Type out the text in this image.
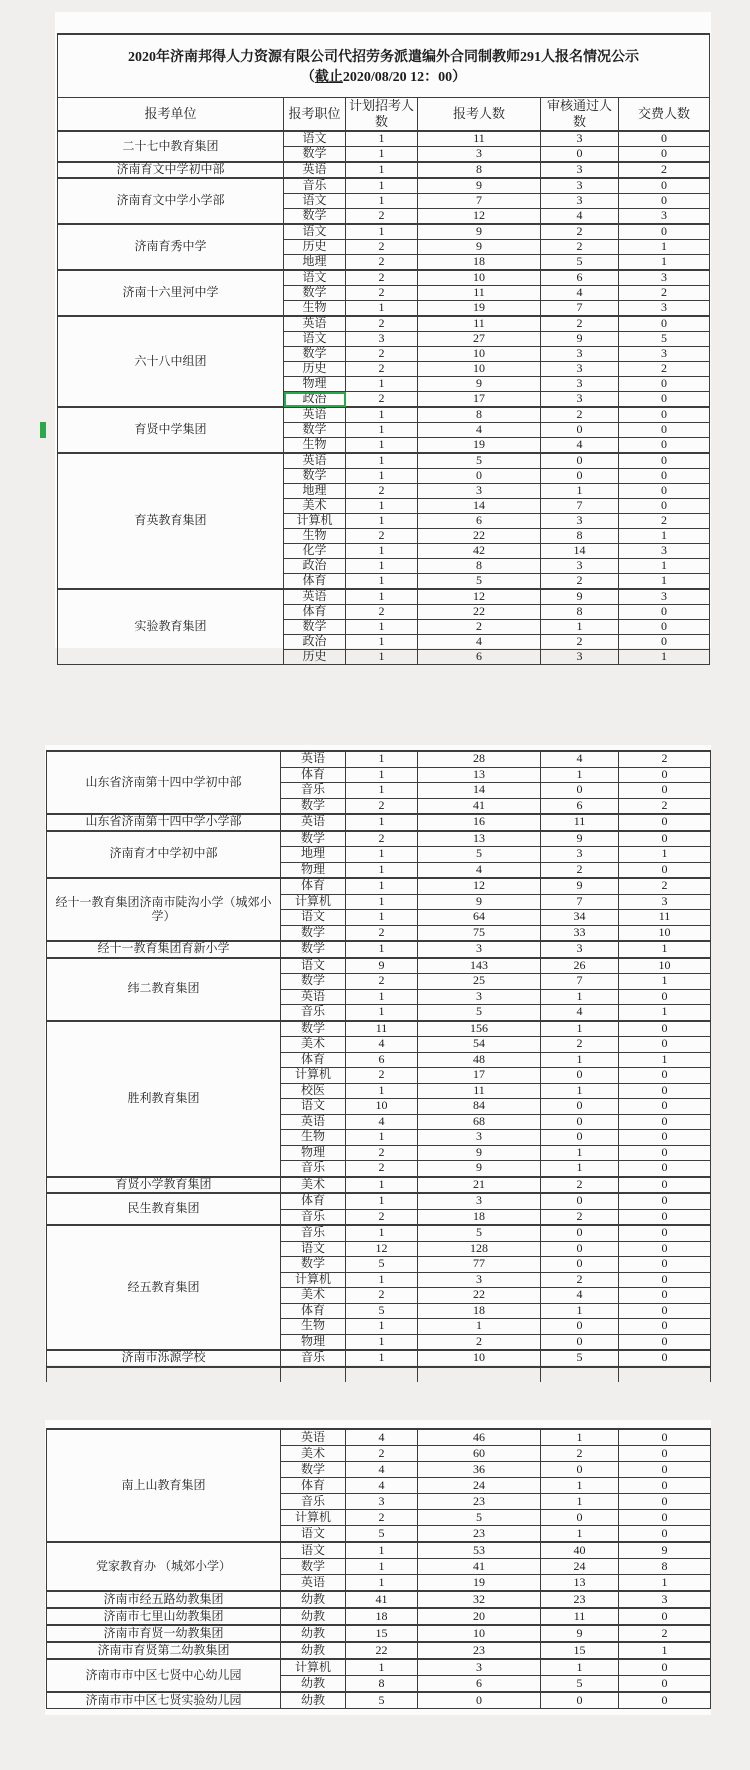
2020年济南邦得人力资源有限公司代招劳务派遣编外合同制教师291人报名情况公示
（截止2020/08/20 12：00）					

报考单位	报考职位	计划招考人数	报考人数	审核通过人数	交费人数
二十七中教育集团	语文	1	11	3	0
	数学	1	3	0	0
济南育文中学初中部	英语	1	8	3	2
济南育文中学小学部	音乐	1	9	3	0
	语文	1	7	3	0
	数学	2	12	4	3
济南育秀中学	语文	1	9	2	0
	历史	2	9	2	1
	地理	2	18	5	1
济南十六里河中学	语文	2	10	6	3
	数学	2	11	4	2
	生物	1	19	7	3
六十八中组团	英语	2	11	2	0
	语文	3	27	9	5
	数学	2	10	3	3
	历史	2	10	3	2
	物理	1	9	3	0
	政治	2	17	3	0
育贤中学集团	英语	1	8	2	0
	数学	1	4	0	0
	生物	1	19	4	0
育英教育集团	英语	1	5	0	0
	数学	1	0	0	0
	地理	2	3	1	0
	美术	1	14	7	0
	计算机	1	6	3	2
	生物	2	22	8	1
	化学	1	42	14	3
	政治	1	8	3	1
	体育	1	5	2	1
实验教育集团	英语	1	12	9	3
	体育	2	22	8	0
	数学	1	2	1	0
	政治	1	4	2	0
	历史	1	6	3	1
山东省济南第十四中学初中部	英语	1	28	4	2
	体育	1	13	1	0
	音乐	1	14	0	0
	数学	2	41	6	2
山东省济南第十四中学小学部	英语	1	16	11	0
济南育才中学初中部	数学	2	13	9	0
	地理	1	5	3	1
	物理	1	4	2	0
经十一教育集团济南市陡沟小学（城郊小学）	体育	1	12	9	2
	计算机	1	9	7	3
	语文	1	64	34	11
	数学	2	75	33	10
经十一教育集团育新小学	数学	1	3	3	1
纬二教育集团	语文	9	143	26	10
	数学	2	25	7	1
	英语	1	3	1	0
	音乐	1	5	4	1
胜利教育集团	数学	11	156	1	0
	美术	4	54	2	0
	体育	6	48	1	1
	计算机	2	17	0	0
	校医	1	11	1	0
	语文	10	84	0	0
	英语	4	68	0	0
	生物	1	3	0	0
	物理	2	9	1	0
	音乐	2	9	1	0
育贤小学教育集团	美术	1	21	2	0
民生教育集团	体育	1	3	0	0
	音乐	2	18	2	0
经五教育集团	音乐	1	5	0	0
	语文	12	128	0	0
	数学	5	77	0	0
	计算机	1	3	2	0
	美术	2	22	4	0
	体育	5	18	1	0
	生物	1	1	0	0
	物理	1	2	0	0
济南市泺源学校	音乐	1	10	5	0

南上山教育集团	英语	4	46	1	0
	美术	2	60	2	0
	数学	4	36	0	0
	体育	4	24	1	0
	音乐	3	23	1	0
	计算机	2	5	0	0
	语文	5	23	1	0
党家教育办 （城郊小学）	语文	1	53	40	9
	数学	1	41	24	8
	英语	1	19	13	1
济南市经五路幼教集团	幼教	41	32	23	3
济南市七里山幼教集团	幼教	18	20	11	0
济南市育贤一幼教集团	幼教	15	10	9	2
济南市育贤第二幼教集团	幼教	22	23	15	1
济南市市中区七贤中心幼儿园	计算机	1	3	1	0
	幼教	8	6	5	0
济南市市中区七贤实验幼儿园	幼教	5	0	0	0
